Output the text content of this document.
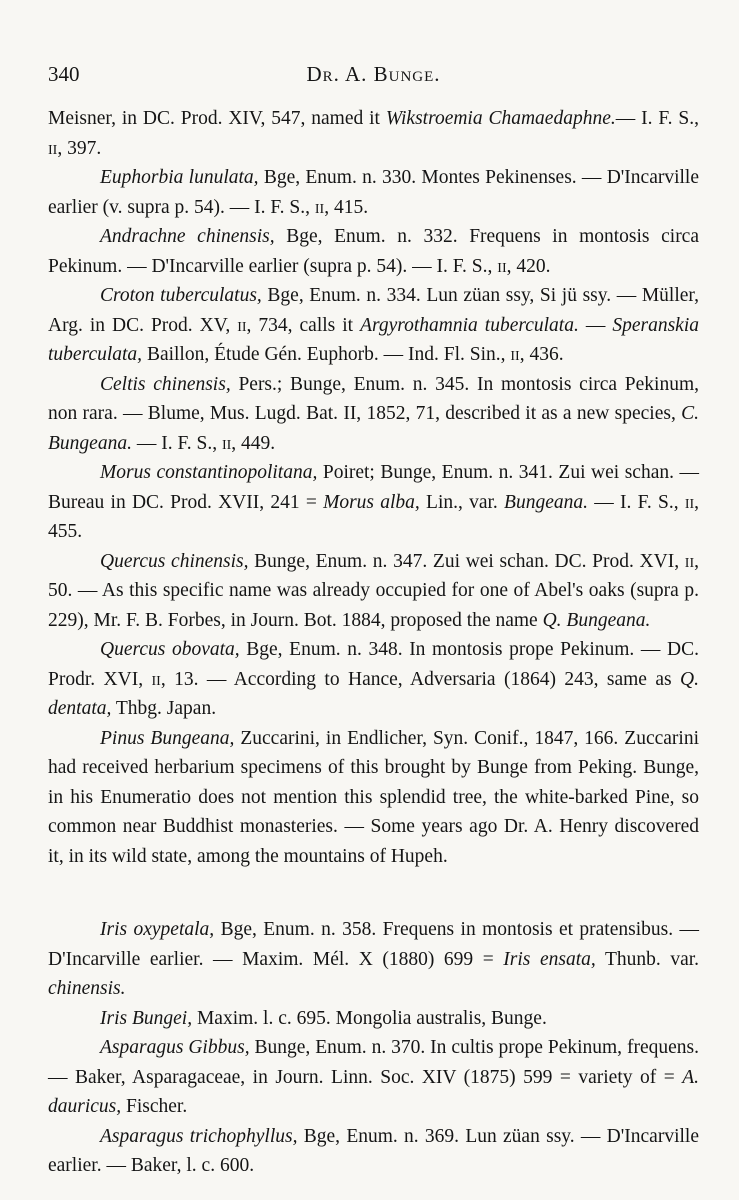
340	Dr. A. Bunge.

Meisner, in DC. Prod. XIV, 547, named it Wikstroemia Chamaedaphne.— I. F. S., ii, 397.

Euphorbia lunulata, Bge, Enum. n. 330. Montes Pekinenses. — D'Incarville earlier (v. supra p. 54). — I. F. S., ii, 415.

Andrachne chinensis, Bge, Enum. n. 332. Frequens in montosis circa Pekinum. — D'Incarville earlier (supra p. 54). — I. F. S., ii, 420.

Croton tuberculatus, Bge, Enum. n. 334. Lun züan ssy, Si jü ssy. — Müller, Arg. in DC. Prod. XV, ii, 734, calls it Argyrothamnia tuberculata. — Speranskia tuberculata, Baillon, Étude Gén. Euphorb. — Ind. Fl. Sin., ii, 436.

Celtis chinensis, Pers.; Bunge, Enum. n. 345. In montosis circa Pekinum, non rara. — Blume, Mus. Lugd. Bat. II, 1852, 71, described it as a new species, C. Bungeana. — I. F. S., ii, 449.

Morus constantinopolitana, Poiret; Bunge, Enum. n. 341. Zui wei schan. — Bureau in DC. Prod. XVII, 241 = Morus alba, Lin., var. Bungeana. — I. F. S., ii, 455.

Quercus chinensis, Bunge, Enum. n. 347. Zui wei schan. DC. Prod. XVI, ii, 50. — As this specific name was already occupied for one of Abel's oaks (supra p. 229), Mr. F. B. Forbes, in Journ. Bot. 1884, proposed the name Q. Bungeana.

Quercus obovata, Bge, Enum. n. 348. In montosis prope Pekinum. — DC. Prodr. XVI, ii, 13. — According to Hance, Adversaria (1864) 243, same as Q. dentata, Thbg. Japan.

Pinus Bungeana, Zuccarini, in Endlicher, Syn. Conif., 1847, 166. Zuccarini had received herbarium specimens of this brought by Bunge from Peking. Bunge, in his Enumeratio does not mention this splendid tree, the white-barked Pine, so common near Buddhist monasteries. — Some years ago Dr. A. Henry discovered it, in its wild state, among the mountains of Hupeh.

Iris oxypetala, Bge, Enum. n. 358. Frequens in montosis et pratensibus. — D'Incarville earlier. — Maxim. Mél. X (1880) 699 = Iris ensata, Thunb. var. chinensis.

Iris Bungei, Maxim. l. c. 695. Mongolia australis, Bunge.

Asparagus Gibbus, Bunge, Enum. n. 370. In cultis prope Pekinum, frequens. — Baker, Asparagaceae, in Journ. Linn. Soc. XIV (1875) 599 = variety of = A. dauricus, Fischer.

Asparagus trichophyllus, Bge, Enum. n. 369. Lun züan ssy. — D'Incarville earlier. — Baker, l. c. 600.
